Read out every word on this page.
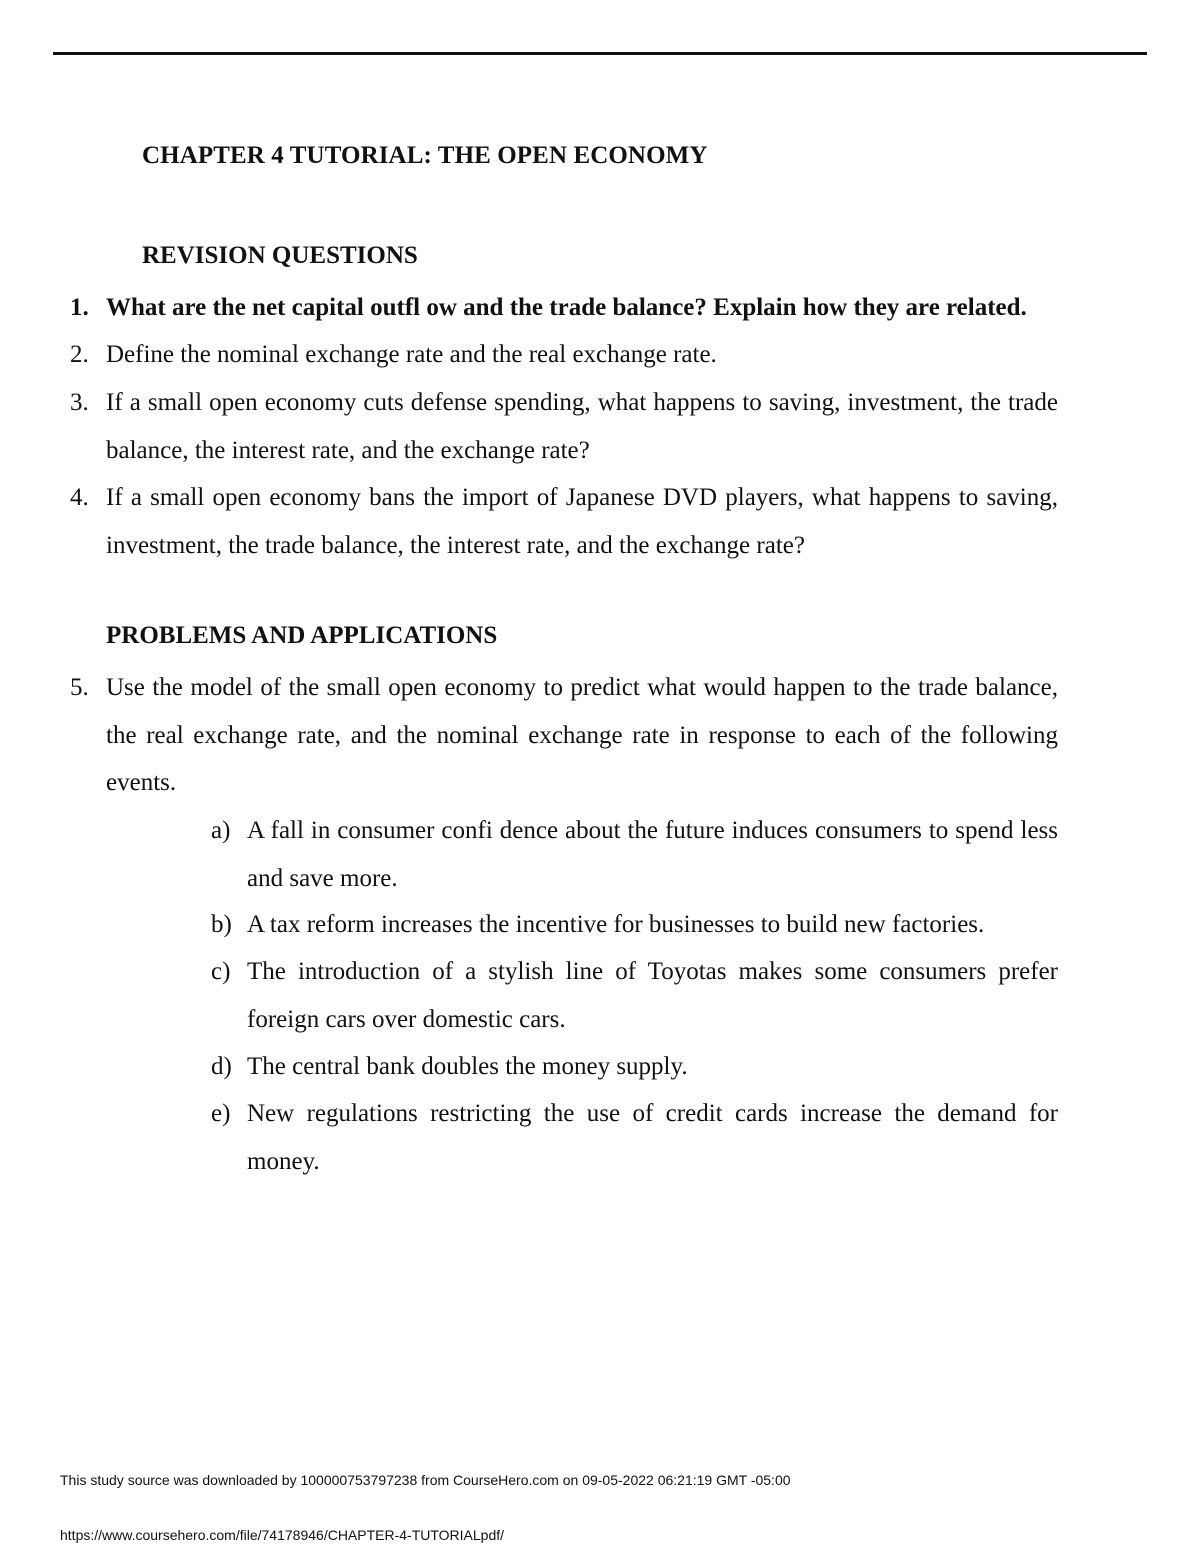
CHAPTER 4 TUTORIAL: THE OPEN ECONOMY
REVISION QUESTIONS
1. What are the net capital outfl ow and the trade balance? Explain how they are related.

2. Define the nominal exchange rate and the real exchange rate.

3. If a small open economy cuts defense spending, what happens to saving, investment, the trade balance, the interest rate, and the exchange rate?

4. If a small open economy bans the import of Japanese DVD players, what happens to saving, investment, the trade balance, the interest rate, and the exchange rate?

PROBLEMS AND APPLICATIONS
5. Use the model of the small open economy to predict what would happen to the trade balance, the real exchange rate, and the nominal exchange rate in response to each of the following events.

a) A fall in consumer confi dence about the future induces consumers to spend less and save more.

b) A tax reform increases the incentive for businesses to build new factories.

c) The introduction of a stylish line of Toyotas makes some consumers prefer foreign cars over domestic cars.

d) The central bank doubles the money supply.

e) New regulations restricting the use of credit cards increase the demand for money.

This study source was downloaded by 100000753797238 from CourseHero.com on 09-05-2022 06:21:19 GMT -05:00
https://www.coursehero.com/file/74178946/CHAPTER-4-TUTORIALpdf/
